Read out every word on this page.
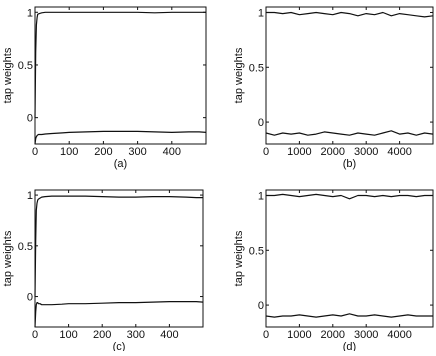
0 100 200 300 400
0
0.5
1
tap weights
(a)
0 1000 2000 3000 4000
0
0.5
1
tap weights
(b)
0 100 200 300 400
0
0.5
1
tap weights
(c)
0 1000 2000 3000 4000
0
0.5
1
tap weights
(d)
